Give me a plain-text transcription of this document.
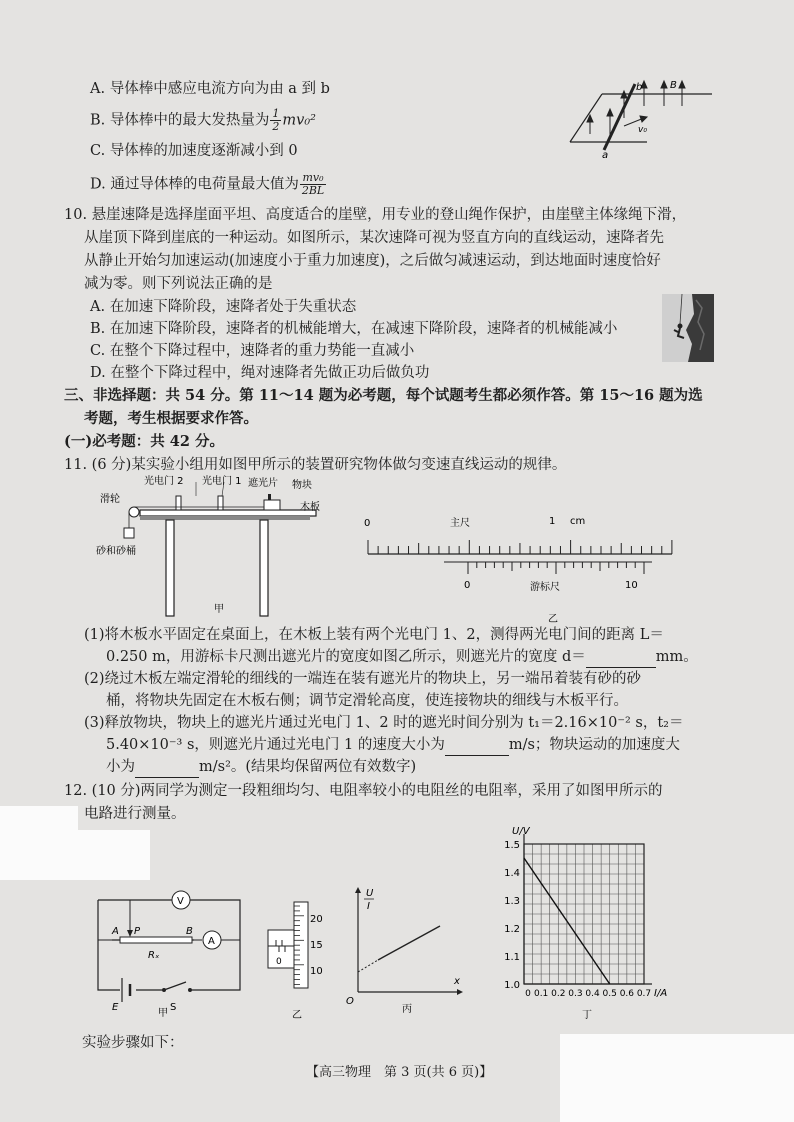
A. 导体棒中感应电流方向为由 a 到 b
B. 导体棒中的最大发热量为 $\frac{1}{2} mv_0^2$
C. 导体棒的加速度逐渐减小到 0
D. 通过导体棒的电荷量最大值为 $\frac{\text{mv₀}}{2BL}$
b	B
a
v₀
10. 悬崖速降是选择崖面平坦、高度适合的崖壁，用专业的登山绳作保护，由崖壁主体缘绳下滑，
从崖顶下降到崖底的一种运动。如图所示，某次速降可视为竖直方向的直线运动，速降者先
从静止开始匀加速运动(加速度小于重力加速度)，之后做匀减速运动，到达地面时速度恰好
减为零。则下列说法正确的是
A. 在加速下降阶段，速降者处于失重状态
B. 在加速下降阶段，速降者的机械能增大，在减速下降阶段，速降者的机械能减小
C. 在整个下降过程中，速降者的重力势能一直减小
D. 在整个下降过程中，绳对速降者先做正功后做负功
三、非选择题：共 54 分。第 11～14 题为必考题，每个试题考生都必须作答。第 15～16 题为选
考题，考生根据要求作答。
(一)必考题：共 42 分。
11. (6 分)某实验小组用如图甲所示的装置研究物体做匀变速直线运动的规律。
光电门 2 光电门 1 遮光片 物块
滑轮
木板
砂和砂桶
甲
0	主尺	1 cm
0	游标尺	10
乙
(1)将木板水平固定在桌面上，在木板上装有两个光电门 1、2，测得两光电门间的距离 L＝
0.250 m，用游标卡尺测出遮光片的宽度如图乙所示，则遮光片的宽度 d＝	mm。
(2)绕过木板左端定滑轮的细线的一端连在装有遮光片的物块上，另一端吊着装有砂的砂
桶，将物块先固定在木板右侧；调节定滑轮高度，使连接物块的细线与木板平行。
(3)释放物块，物块上的遮光片通过光电门 1、2 时的遮光时间分别为 t₁＝2.16×10⁻² s，t₂＝
5.40×10⁻³ s，则遮光片通过光电门 1 的速度大小为	m/s；物块运动的加速度大
小为	m/s²。(结果均保留两位有效数字)
12. (10 分)两同学为测定一段粗细均匀、电阻率较小的电阻丝的电阻率，采用了如图甲所示的
电路进行测量。
V
A
P
A	B
Rₓ
E	S
甲
20
15
10
0
乙
U
I
x
O
丙
1.5
1.4
1.3
1.2
1.1
1.0
0 0.1 0.2 0.3 0.4 0.5 0.6 0.7
U/V
I/A
丁
实验步骤如下：
【高三物理　第 3 页(共 6 页)】
